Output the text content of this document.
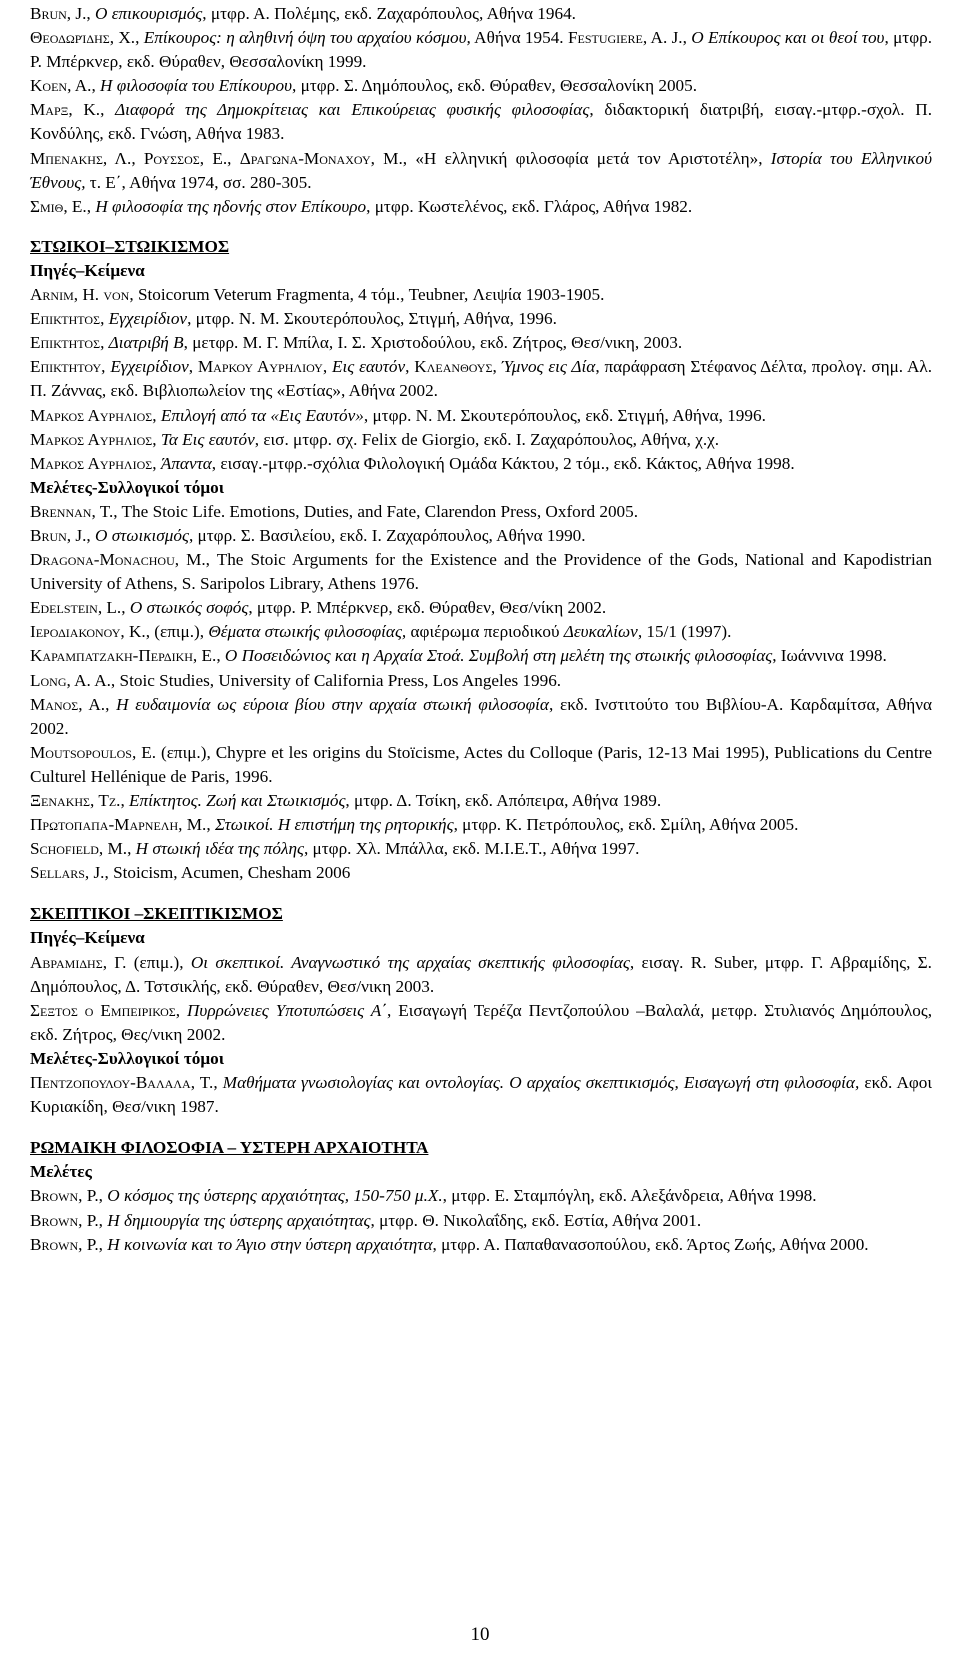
Brun, J., Ο επικουρισμός, μτφρ. Α. Πολέμης, εκδ. Ζαχαρόπουλος, Αθήνα 1964.

Θεοδωρίδης, Χ., Επίκουρος: η αληθινή όψη του αρχαίου κόσμου, Αθήνα 1954. Festugiere, A. J., Ο Επίκουρος και οι θεοί του, μτφρ. Ρ. Μπέρκνερ, εκδ. Θύραθεν, Θεσσαλονίκη 1999.

Koen, A., Η φιλοσοφία του Επίκουρου, μτφρ. Σ. Δημόπουλος, εκδ. Θύραθεν, Θεσσαλονίκη 2005.

Μαρξ, Κ., Διαφορά της Δημοκρίτειας και Επικούρειας φυσικής φιλοσοφίας, διδακτορική διατριβή, εισαγ.-μτφρ.-σχολ. Π. Κονδύλης, εκδ. Γνώση, Αθήνα 1983.

Μπενακης, Λ., Ρουσσος, Ε., Δραγωνα-Μοναχου, Μ., «Η ελληνική φιλοσοφία μετά τον Αριστοτέλη», Ιστορία του Ελληνικού Έθνους, τ. Ε΄, Αθήνα 1974, σσ. 280-305.

Σμιθ, Ε., Η φιλοσοφία της ηδονής στον Επίκουρο, μτφρ. Κωστελένος, εκδ. Γλάρος, Αθήνα 1982.

ΣΤΩΙΚΟΙ–ΣΤΩΙΚΙΣΜΟΣ
Πηγές–Κείμενα

Arnim, H. von, Stoicorum Veterum Fragmenta, 4 τόμ., Teubner, Λειψία 1903-1905.

Επικτητος, Εγχειρίδιον, μτφρ. Ν. Μ. Σκουτερόπουλος, Στιγμή, Αθήνα, 1996.

Επικτητος, Διατριβή Β, μετφρ. Μ. Γ. Μπίλα, Ι. Σ. Χριστοδούλου, εκδ. Ζήτρος, Θεσ/νικη, 2003.

Επικτητου, Εγχειρίδιον, Μαρκου Αυρηλιου, Εις εαυτόν, Κλεανθους, Ύμνος εις Δία, παράφραση Στέφανος Δέλτα, προλογ. σημ. Αλ. Π. Ζάννας, εκδ. Βιβλιοπωλείον της «Εστίας», Αθήνα 2002.

Μαρκος Αυρηλιος, Επιλογή από τα «Εις Εαυτόν», μτφρ. Ν. Μ. Σκουτερόπουλος, εκδ. Στιγμή, Αθήνα, 1996.

Μαρκος Αυρηλιος, Τα Εις εαυτόν, εισ. μτφρ. σχ. Felix de Giorgio, εκδ. Ι. Ζαχαρόπουλος, Αθήνα, χ.χ.

Μαρκος Αυρηλιος, Άπαντα, εισαγ.-μτφρ.-σχόλια Φιλολογική Ομάδα Κάκτου, 2 τόμ., εκδ. Κάκτος, Αθήνα 1998.

Μελέτες-Συλλογικοί τόμοι

Brennan, T., The Stoic Life. Emotions, Duties, and Fate, Clarendon Press, Oxford 2005.

Brun, J., Ο στωικισμός, μτφρ. Σ. Βασιλείου, εκδ. Ι. Ζαχαρόπουλος, Αθήνα 1990.

Dragona-Monachou, M., The Stoic Arguments for the Existence and the Providence of the Gods, National and Kapodistrian University of Athens, S. Saripolos Library, Athens 1976.

Edelstein, L., Ο στωικός σοφός, μτφρ. Ρ. Μπέρκνερ, εκδ. Θύραθεν, Θεσ/νίκη 2002.

Ιεροδιακονου, Κ., (επιμ.), Θέματα στωικής φιλοσοφίας, αφιέρωμα περιοδικού Δευκαλίων, 15/1 (1997).

Καραμπατζακη-Περδικη, Ε., Ο Ποσειδώνιος και η Αρχαία Στοά. Συμβολή στη μελέτη της στωικής φιλοσοφίας, Ιωάννινα 1998.

Long, A. A., Stoic Studies, University of California Press, Los Angeles 1996.

Μανος, Α., Η ευδαιμονία ως εύροια βίου στην αρχαία στωική φιλοσοφία, εκδ. Ινστιτούτο του Βιβλίου-Α. Καρδαμίτσα, Αθήνα 2002.

Moutsopoulos, E. (επιμ.), Chypre et les origins du Stoïcisme, Actes du Colloque (Paris, 12-13 Mai 1995), Publications du Centre Culturel Hellénique de Paris, 1996.

Ξενακης, Τζ., Επίκτητος. Ζωή και Στωικισμός, μτφρ. Δ. Τσίκη, εκδ. Απόπειρα, Αθήνα 1989.

Πρωτοπαπα-Μαρνελη, Μ., Στωικοί. Η επιστήμη της ρητορικής, μτφρ. Κ. Πετρόπουλος, εκδ. Σμίλη, Αθήνα 2005.

Schofield, M., Η στωική ιδέα της πόλης, μτφρ. Χλ. Μπάλλα, εκδ. Μ.Ι.Ε.Τ., Αθήνα 1997.

Sellars, J., Stoicism, Acumen, Chesham 2006

ΣΚΕΠΤΙΚΟΙ –ΣΚΕΠΤΙΚΙΣΜΟΣ
Πηγές–Κείμενα

Αβραμιδης, Γ. (επιμ.), Οι σκεπτικοί. Αναγνωστικό της αρχαίας σκεπτικής φιλοσοφίας, εισαγ. R. Suber, μτφρ. Γ. Αβραμίδης, Σ. Δημόπουλος, Δ. Τστσικλής, εκδ. Θύραθεν, Θεσ/νικη 2003.

Σεξτος ο Εμπειρικος, Πυρρώνειες Υποτυπώσεις Α΄, Εισαγωγή Τερέζα Πεντζοπούλου –Βαλαλά, μετφρ. Στυλιανός Δημόπουλος, εκδ. Ζήτρος, Θες/νικη 2002.

Μελέτες-Συλλογικοί τόμοι

Πεντζοπουλου-Βαλαλα, Τ., Μαθήματα γνωσιολογίας και οντολογίας. Ο αρχαίος σκεπτικισμός, Εισαγωγή στη φιλοσοφία, εκδ. Αφοι Κυριακίδη, Θεσ/νικη 1987.

ΡΩΜΑΙΚΗ ΦΙΛΟΣΟΦΙΑ – ΥΣΤΕΡΗ ΑΡΧΑΙΟΤΗΤΑ
Μελέτες

Brown, P., Ο κόσμος της ύστερης αρχαιότητας, 150-750 μ.Χ., μτφρ. Ε. Σταμπόγλη, εκδ. Αλεξάνδρεια, Αθήνα 1998.

Brown, P., Η δημιουργία της ύστερης αρχαιότητας, μτφρ. Θ. Νικολαΐδης, εκδ. Εστία, Αθήνα 2001.

Brown, P., Η κοινωνία και το Άγιο στην ύστερη αρχαιότητα, μτφρ. Α. Παπαθανασοπούλου, εκδ. Άρτος Ζωής, Αθήνα 2000.

10
